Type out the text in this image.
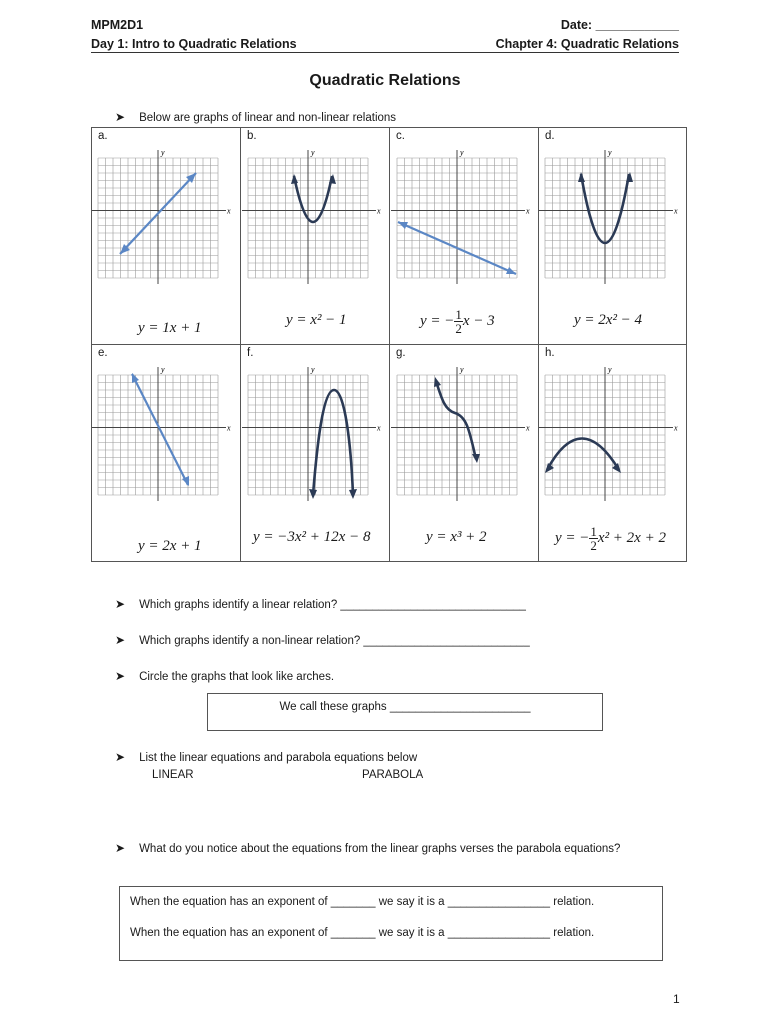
MPM2D1	Date: ____________
Day 1: Intro to Quadratic Relations	Chapter 4: Quadratic Relations
Quadratic Relations
➤ Below are graphs of linear and non-linear relations
a.
x
y
y = 1x + 1
b.
x
y
y = x² − 1
c.
x
y
y = − $\frac{1}{2}$ x − 3
d.
x
y
y = 2x² − 4
e.
x
y
y = 2x + 1
f.
x
y
y = −3x² + 12x − 8
g.
x
y
y = x³ + 2
h.
x
y
y = − $\frac{1}{2} x^2 + 2x + 2$
➤ Which graphs identify a linear relation? _____________________________
➤ Which graphs identify a non-linear relation? __________________________
➤ Circle the graphs that look like arches.
We call these graphs ______________________
➤ List the linear equations and parabola equations below
LINEAR	PARABOLA
➤ What do you notice about the equations from the linear graphs verses the parabola equations?
When the equation has an exponent of _______ we say it is a ________________ relation.
When the equation has an exponent of _______ we say it is a ________________ relation.
1
